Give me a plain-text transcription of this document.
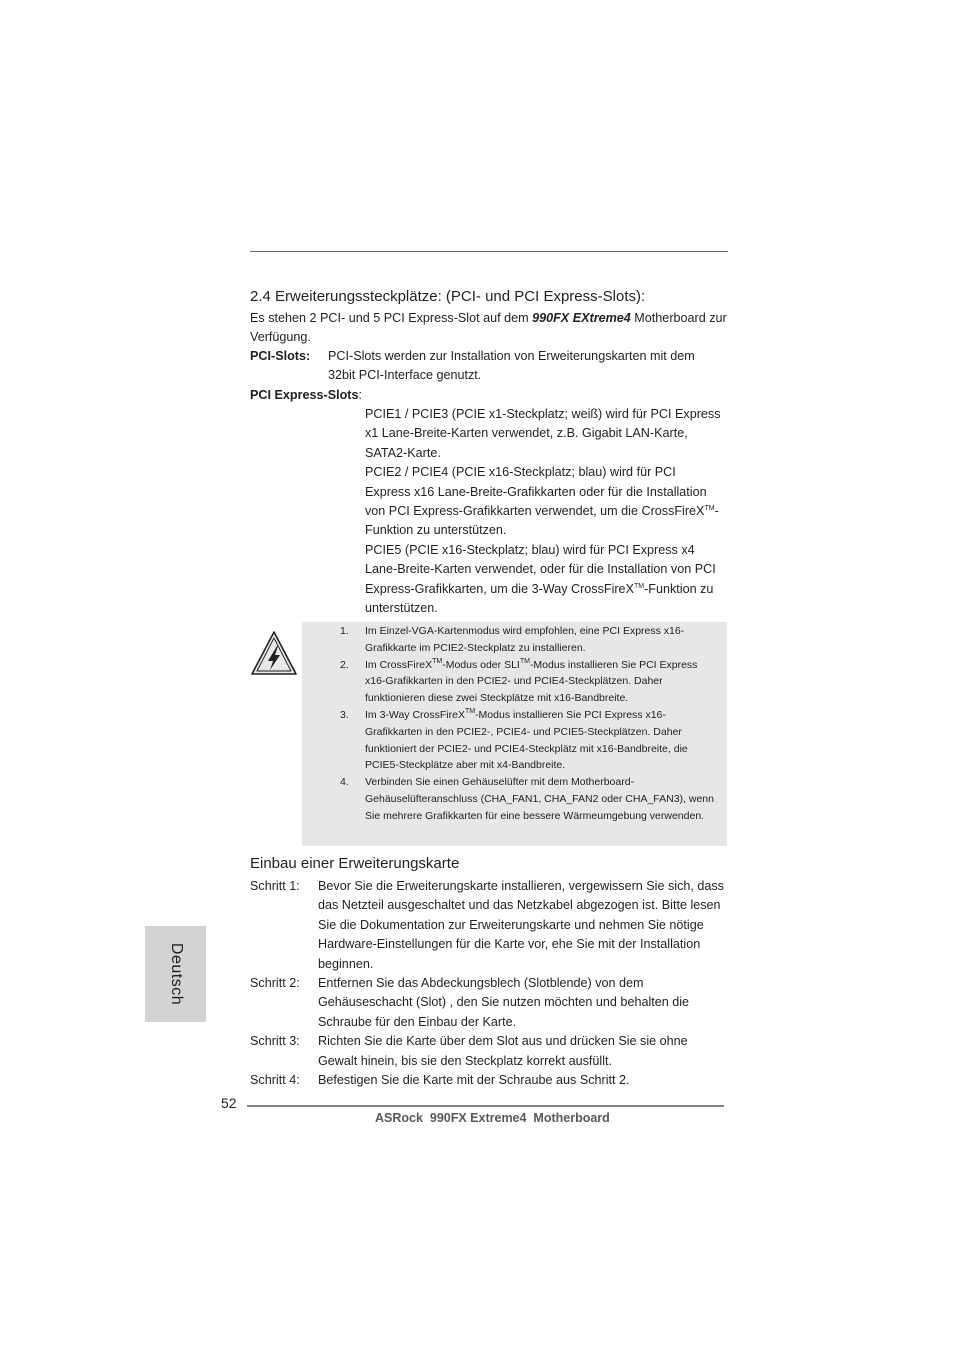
2.4 Erweiterungssteckplätze: (PCI- und PCI Express-Slots):
Es stehen 2 PCI- und 5 PCI Express-Slot auf dem 990FX EXtreme4 Motherboard zur Verfügung.
PCI-Slots: PCI-Slots werden zur Installation von Erweiterungskarten mit dem 32bit PCI-Interface genutzt.
PCI Express-Slots:
PCIE1 / PCIE3 (PCIE x1-Steckplatz; weiß) wird für PCI Express x1 Lane-Breite-Karten verwendet, z.B. Gigabit LAN-Karte, SATA2-Karte.
PCIE2 / PCIE4 (PCIE x16-Steckplatz; blau) wird für PCI Express x16 Lane-Breite-Grafikkarten oder für die Installation von PCI Express-Grafikkarten verwendet, um die CrossFireX™-Funktion zu unterstützen.
PCIE5 (PCIE x16-Steckplatz; blau) wird für PCI Express x4 Lane-Breite-Karten verwendet, oder für die Installation von PCI Express-Grafikkarten, um die 3-Way CrossFireX™-Funktion zu unterstützen.
1. Im Einzel-VGA-Kartenmodus wird empfohlen, eine PCI Express x16-Grafikkarte im PCIE2-Steckplatz zu installieren.
2. Im CrossFireX™-Modus oder SLI™-Modus installieren Sie PCI Express x16-Grafikkarten in den PCIE2- und PCIE4-Steckplätzen. Daher funktionieren diese zwei Steckplätze mit x16-Bandbreite.
3. Im 3-Way CrossFireX™-Modus installieren Sie PCI Express x16-Grafikkarten in den PCIE2-, PCIE4- und PCIE5-Steckplätzen. Daher funktioniert der PCIE2- und PCIE4-Steckplätz mit x16-Bandbreite, die PCIE5-Steckplätze aber mit x4-Bandbreite.
4. Verbinden Sie einen Gehäuselüfter mit dem Motherboard-Gehäuselüfteranschluss (CHA_FAN1, CHA_FAN2 oder CHA_FAN3), wenn Sie mehrere Grafikkarten für eine bessere Wärmeumgebung verwenden.
Einbau einer Erweiterungskarte
Schritt 1: Bevor Sie die Erweiterungskarte installieren, vergewissern Sie sich, dass das Netzteil ausgeschaltet und das Netzkabel abgezogen ist. Bitte lesen Sie die Dokumentation zur Erweiterungskarte und nehmen Sie nötige Hardware-Einstellungen für die Karte vor, ehe Sie mit der Installation beginnen.
Schritt 2: Entfernen Sie das Abdeckungsblech (Slotblende) von dem Gehäuseschacht (Slot) , den Sie nutzen möchten und behalten die Schraube für den Einbau der Karte.
Schritt 3: Richten Sie die Karte über dem Slot aus und drücken Sie sie ohne Gewalt hinein, bis sie den Steckplatz korrekt ausfüllt.
Schritt 4: Befestigen Sie die Karte mit der Schraube aus Schritt 2.
Deutsch
52
ASRock  990FX Extreme4  Motherboard
